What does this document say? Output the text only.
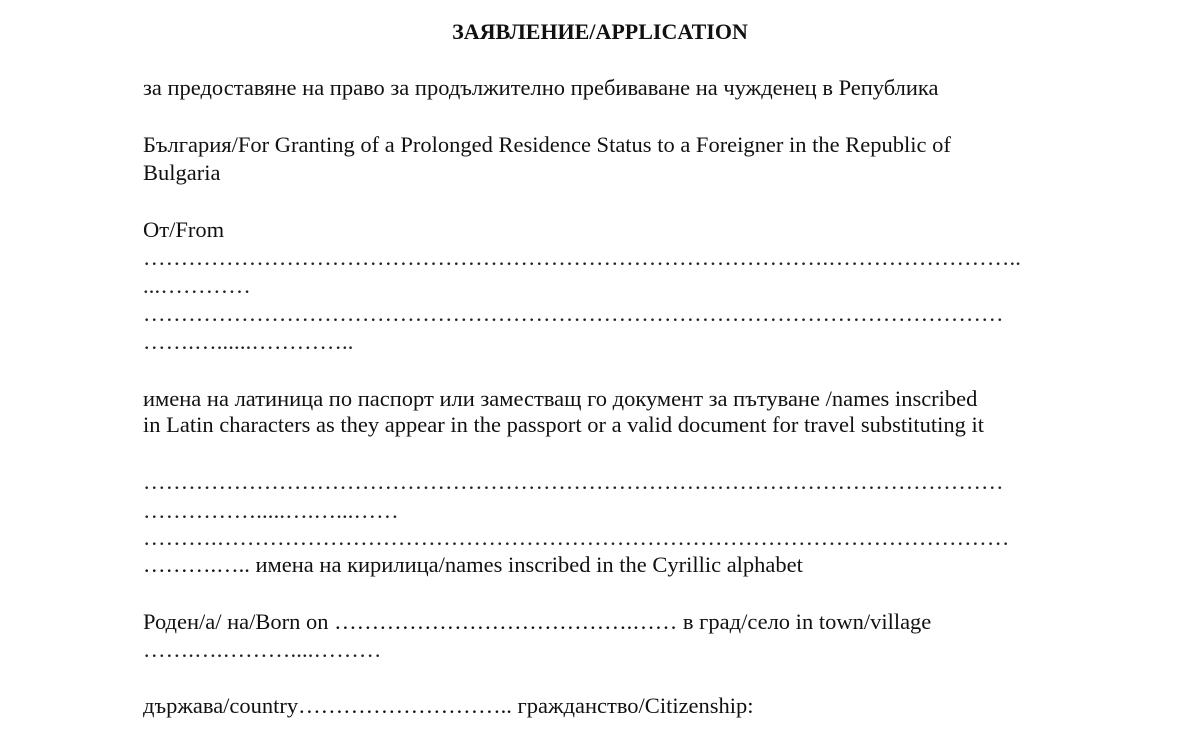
ЗАЯВЛЕНИЕ/APPLICATION
за предоставяне на право за продължително пребиваване на чужденец в Република
България/For Granting of a Prolonged Residence Status to a Foreigner in the Republic of
Bulgaria
От/From
……………………………………………………………………………….……………………..
...…………
……………………………………………………………………………………………………
…….…......…………..
имена на латиница по паспорт или заместващ го документ за пътуване /names inscribed
in Latin characters as they appear in the passport or a valid document for travel substituting it
……………………………………………………………………………………………………
…………….....….…...……
……….……………………………………………………………………………………………
……….….. имена на кирилица/names inscribed in the Cyrillic alphabet
Роден/а/ на/Born on ………………………………….…… в град/село in town/village
…….….………....………
държава/country……………………….. гражданство/Citizenship:
